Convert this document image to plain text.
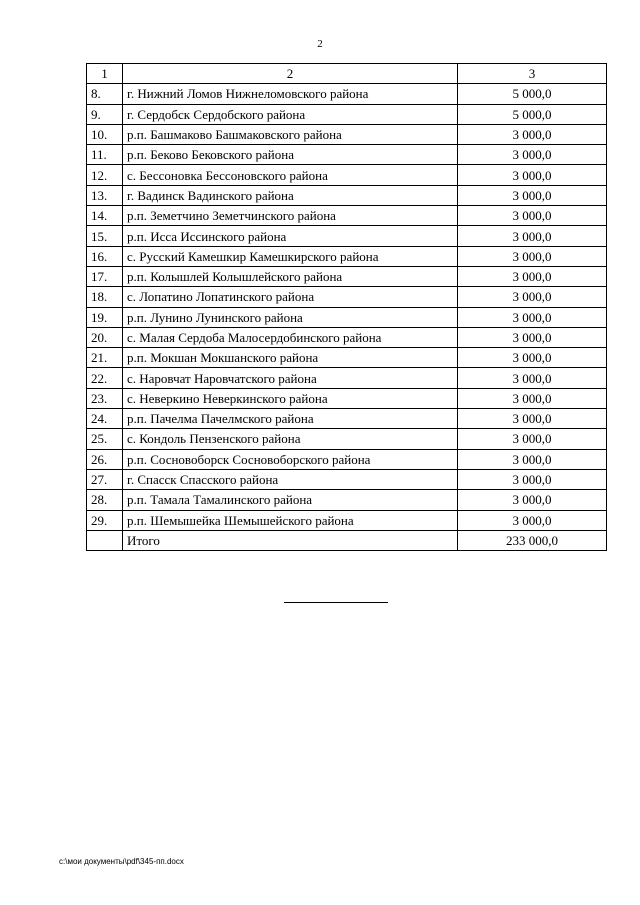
2
1	2	3
8.	г. Нижний Ломов Нижнеломовского района	5 000,0
9.	г. Сердобск Сердобского района	5 000,0
10.	р.п. Башмаково Башмаковского района	3 000,0
11.	р.п. Беково Бековского района	3 000,0
12.	с. Бессоновка Бессоновского района	3 000,0
13.	г. Вадинск Вадинского района	3 000,0
14.	р.п. Земетчино Земетчинского района	3 000,0
15.	р.п. Исса Иссинского района	3 000,0
16.	с. Русский Камешкир Камешкирского района	3 000,0
17.	р.п. Колышлей Колышлейского района	3 000,0
18.	с. Лопатино Лопатинского района	3 000,0
19.	р.п. Лунино Лунинского района	3 000,0
20.	с. Малая Сердоба Малосердобинского района	3 000,0
21.	р.п. Мокшан Мокшанского района	3 000,0
22.	с. Наровчат Наровчатского района	3 000,0
23.	с. Неверкино Неверкинского района	3 000,0
24.	р.п. Пачелма Пачелмского района	3 000,0
25.	с. Кондоль Пензенского района	3 000,0
26.	р.п. Сосновоборск Сосновоборского района	3 000,0
27.	г. Спасск Спасского района	3 000,0
28.	р.п. Тамала Тамалинского района	3 000,0
29.	р.п. Шемышейка Шемышейского района	3 000,0
	Итого	233 000,0
c:\мои документы\pdf\345-пп.docx
